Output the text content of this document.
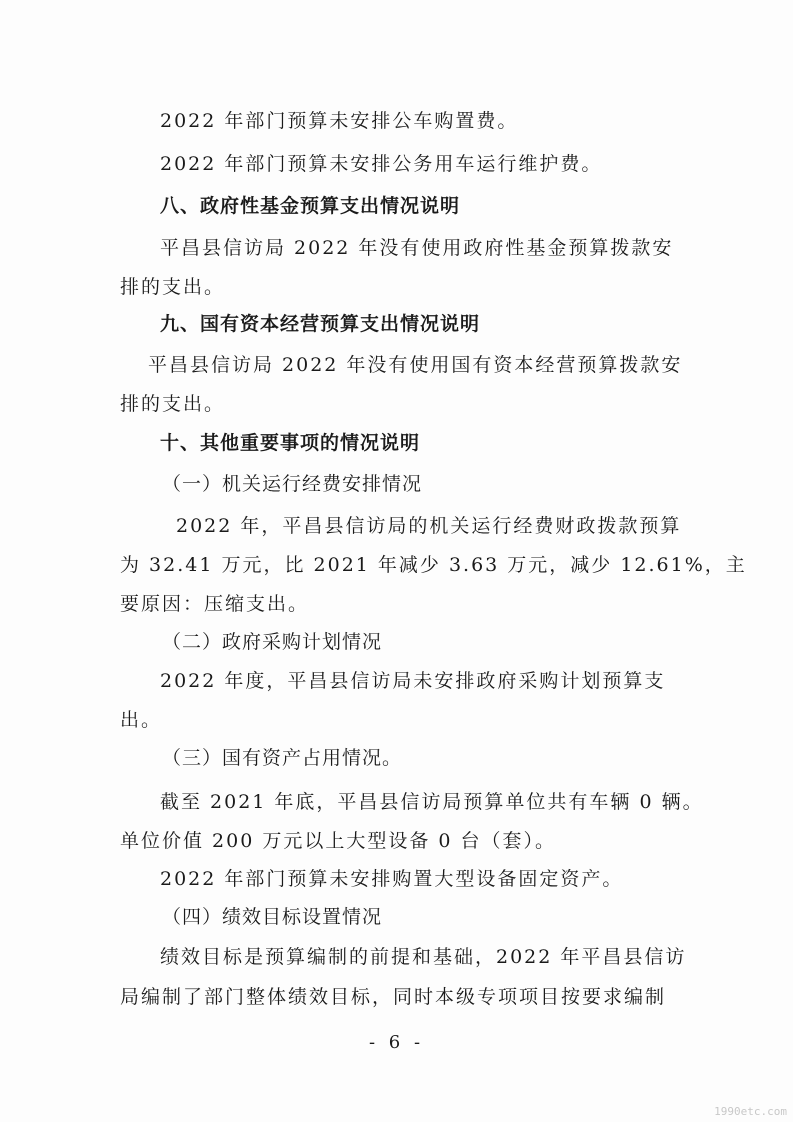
2022 年部门预算未安排公车购置费。
2022 年部门预算未安排公务用车运行维护费。
八、政府性基金预算支出情况说明
平昌县信访局 2022 年没有使用政府性基金预算拨款安
排的支出。
九、国有资本经营预算支出情况说明
平昌县信访局 2022 年没有使用国有资本经营预算拨款安
排的支出。
十、其他重要事项的情况说明
（一）机关运行经费安排情况
2022 年，平昌县信访局的机关运行经费财政拨款预算
为 32.41 万元，比 2021 年减少 3.63 万元，减少 12.61%，主
要原因：压缩支出。
（二）政府采购计划情况
2022 年度，平昌县信访局未安排政府采购计划预算支
出。
（三）国有资产占用情况。
截至 2021 年底，平昌县信访局预算单位共有车辆 0 辆。
单位价值 200 万元以上大型设备 0 台（套）。
2022 年部门预算未安排购置大型设备固定资产。
（四）绩效目标设置情况
绩效目标是预算编制的前提和基础，2022 年平昌县信访
局编制了部门整体绩效目标，同时本级专项项目按要求编制
- 6 -
1990etc.com
